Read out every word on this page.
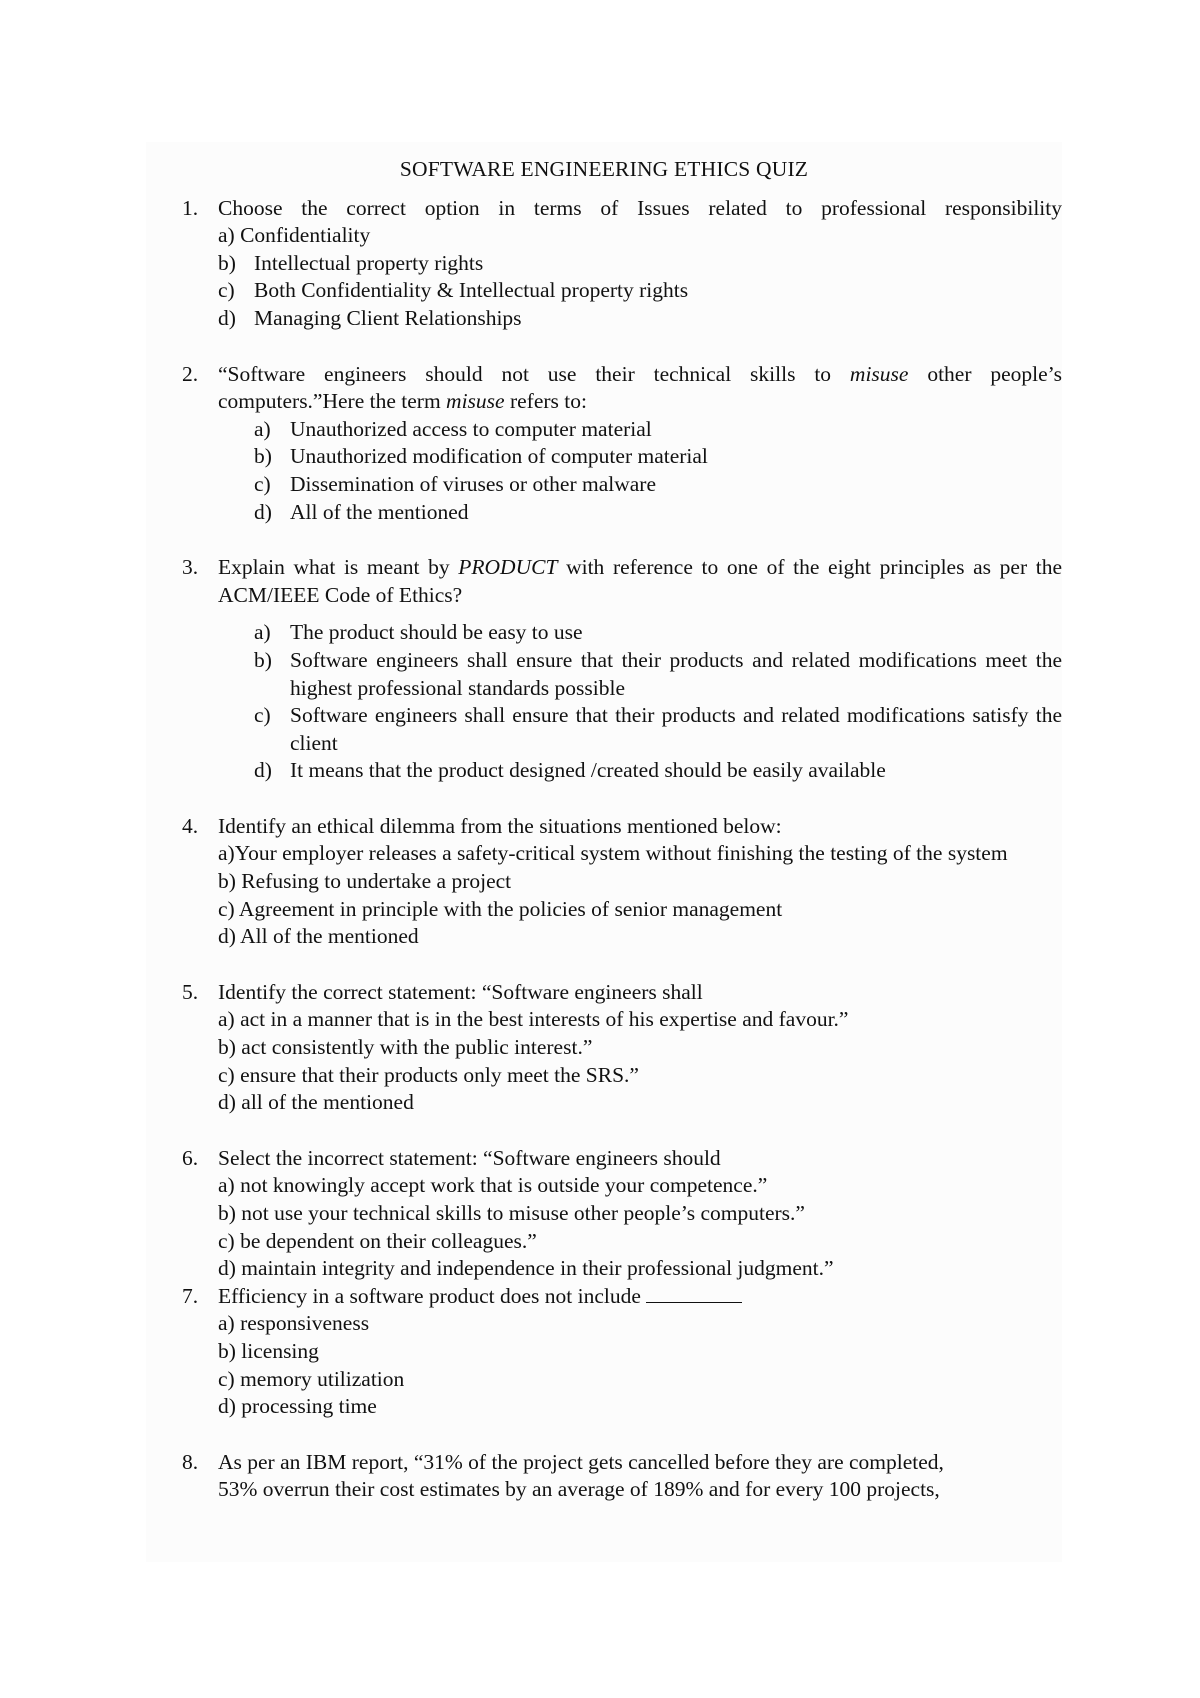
SOFTWARE ENGINEERING ETHICS QUIZ
1. Choose the correct option in terms of Issues related to professional responsibility
a) Confidentiality
b) Intellectual property rights
c) Both Confidentiality & Intellectual property rights
d) Managing Client Relationships
2. “Software engineers should not use their technical skills to misuse other people’s
computers.”Here the term misuse refers to:
a) Unauthorized access to computer material
b) Unauthorized modification of computer material
c) Dissemination of viruses or other malware
d) All of the mentioned
3. Explain what is meant by PRODUCT with reference to one of the eight principles as per the ACM/IEEE Code of Ethics?
a) The product should be easy to use
b) Software engineers shall ensure that their products and related modifications meet the highest professional standards possible
c) Software engineers shall ensure that their products and related modifications satisfy the client
d) It means that the product designed /created should be easily available
4. Identify an ethical dilemma from the situations mentioned below:
a)Your employer releases a safety-critical system without finishing the testing of the system
b) Refusing to undertake a project
c) Agreement in principle with the policies of senior management
d) All of the mentioned
5. Identify the correct statement: “Software engineers shall
a) act in a manner that is in the best interests of his expertise and favour.”
b) act consistently with the public interest.”
c) ensure that their products only meet the SRS.”
d) all of the mentioned
6. Select the incorrect statement: “Software engineers should
a) not knowingly accept work that is outside your competence.”
b) not use your technical skills to misuse other people’s computers.”
c) be dependent on their colleagues.”
d) maintain integrity and independence in their professional judgment.”
7. Efficiency in a software product does not include
a) responsiveness
b) licensing
c) memory utilization
d) processing time
8. As per an IBM report, “31% of the project gets cancelled before they are completed,
53% overrun their cost estimates by an average of 189% and for every 100 projects,
